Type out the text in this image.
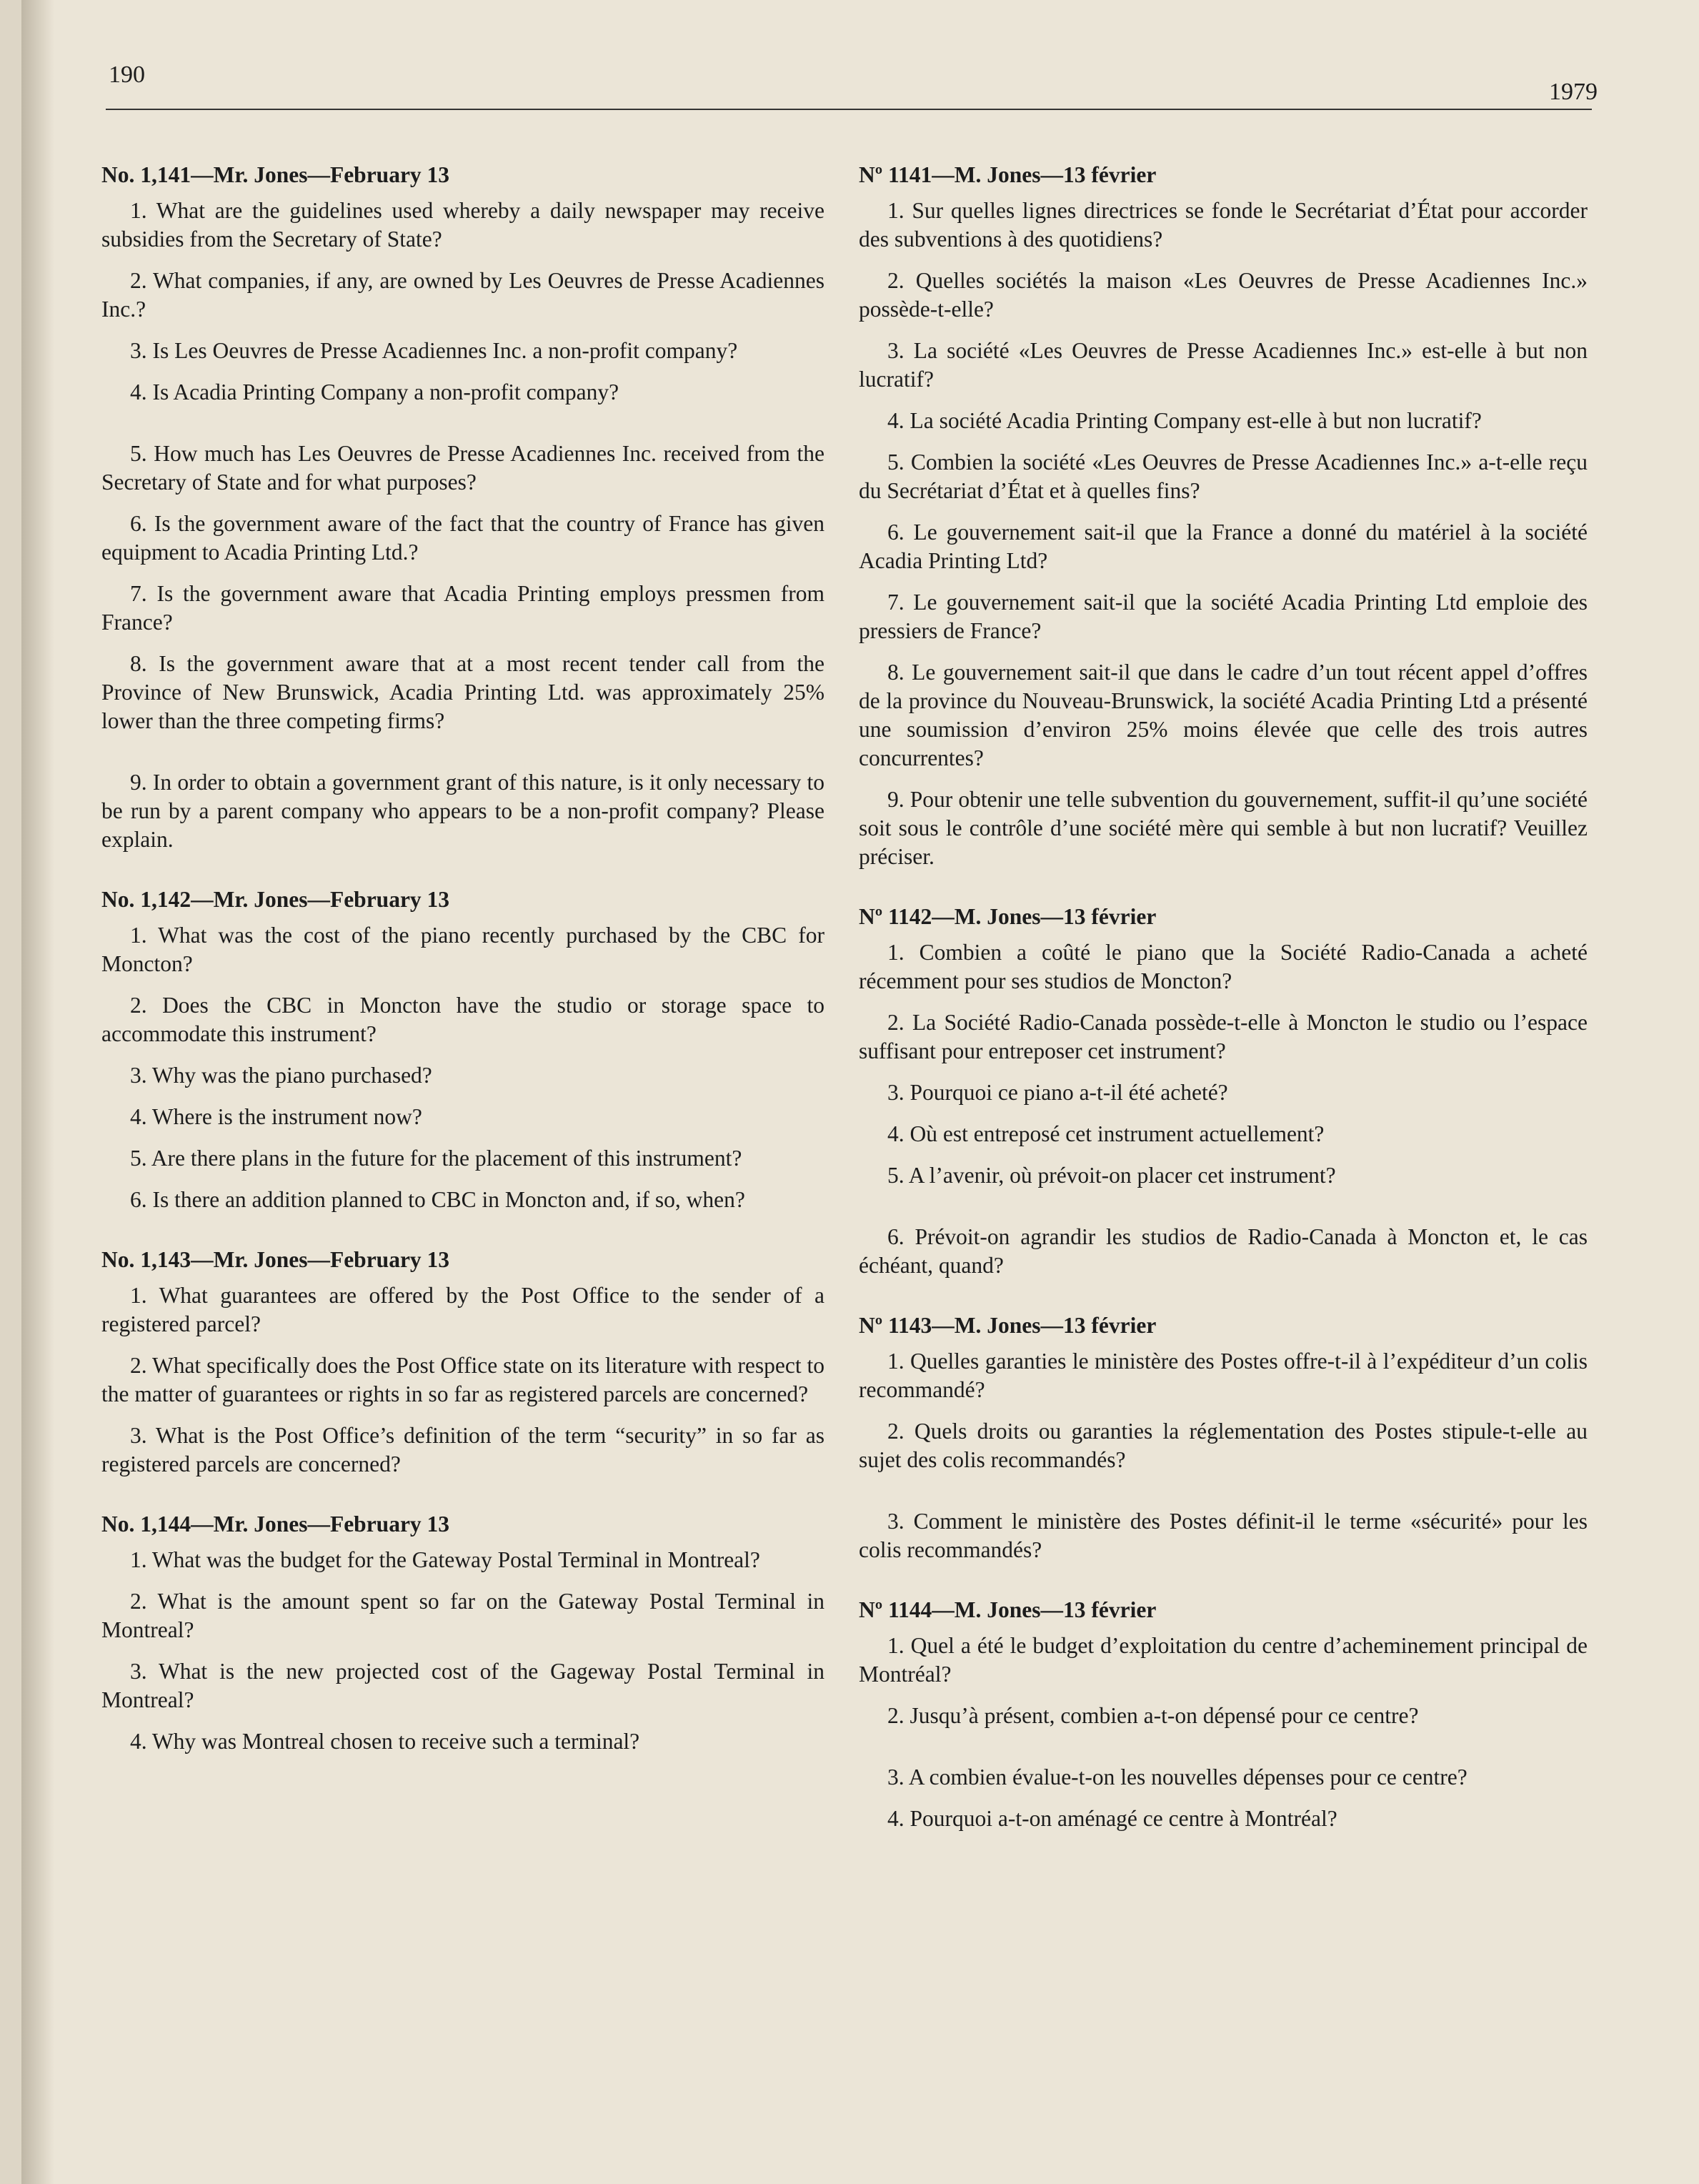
190
1979

No. 1,141—Mr. Jones—February 13

1. What are the guidelines used whereby a daily newspaper may receive subsidies from the Secretary of State?

2. What companies, if any, are owned by Les Oeuvres de Presse Acadiennes Inc.?

3. Is Les Oeuvres de Presse Acadiennes Inc. a non-profit company?

4. Is Acadia Printing Company a non-profit company?

5. How much has Les Oeuvres de Presse Acadiennes Inc. received from the Secretary of State and for what purposes?

6. Is the government aware of the fact that the country of France has given equipment to Acadia Printing Ltd.?

7. Is the government aware that Acadia Printing employs pressmen from France?

8. Is the government aware that at a most recent tender call from the Province of New Brunswick, Acadia Printing Ltd. was approximately 25% lower than the three competing firms?

9. In order to obtain a government grant of this nature, is it only necessary to be run by a parent company who appears to be a non-profit company? Please explain.

No. 1,142—Mr. Jones—February 13

1. What was the cost of the piano recently purchased by the CBC for Moncton?

2. Does the CBC in Moncton have the studio or storage space to accommodate this instrument?

3. Why was the piano purchased?

4. Where is the instrument now?

5. Are there plans in the future for the placement of this instrument?

6. Is there an addition planned to CBC in Moncton and, if so, when?

No. 1,143—Mr. Jones—February 13

1. What guarantees are offered by the Post Office to the sender of a registered parcel?

2. What specifically does the Post Office state on its literature with respect to the matter of guarantees or rights in so far as registered parcels are concerned?

3. What is the Post Office’s definition of the term “security” in so far as registered parcels are concerned?

No. 1,144—Mr. Jones—February 13

1. What was the budget for the Gateway Postal Terminal in Montreal?

2. What is the amount spent so far on the Gateway Postal Terminal in Montreal?

3. What is the new projected cost of the Gageway Postal Terminal in Montreal?

4. Why was Montreal chosen to receive such a terminal?

Nº 1141—M. Jones—13 février

1. Sur quelles lignes directrices se fonde le Secrétariat d’État pour accorder des subventions à des quotidiens?

2. Quelles sociétés la maison «Les Oeuvres de Presse Acadiennes Inc.» possède-t-elle?

3. La société «Les Oeuvres de Presse Acadiennes Inc.» est-elle à but non lucratif?

4. La société Acadia Printing Company est-elle à but non lucratif?

5. Combien la société «Les Oeuvres de Presse Acadiennes Inc.» a-t-elle reçu du Secrétariat d’État et à quelles fins?

6. Le gouvernement sait-il que la France a donné du matériel à la société Acadia Printing Ltd?

7. Le gouvernement sait-il que la société Acadia Printing Ltd emploie des pressiers de France?

8. Le gouvernement sait-il que dans le cadre d’un tout récent appel d’offres de la province du Nouveau-Brunswick, la société Acadia Printing Ltd a présenté une soumission d’environ 25% moins élevée que celle des trois autres concurrentes?

9. Pour obtenir une telle subvention du gouvernement, suffit-il qu’une société soit sous le contrôle d’une société mère qui semble à but non lucratif? Veuillez préciser.

Nº 1142—M. Jones—13 février

1. Combien a coûté le piano que la Société Radio-Canada a acheté récemment pour ses studios de Moncton?

2. La Société Radio-Canada possède-t-elle à Moncton le studio ou l’espace suffisant pour entreposer cet instrument?

3. Pourquoi ce piano a-t-il été acheté?

4. Où est entreposé cet instrument actuellement?

5. A l’avenir, où prévoit-on placer cet instrument?

6. Prévoit-on agrandir les studios de Radio-Canada à Moncton et, le cas échéant, quand?

Nº 1143—M. Jones—13 février

1. Quelles garanties le ministère des Postes offre-t-il à l’expéditeur d’un colis recommandé?

2. Quels droits ou garanties la réglementation des Postes stipule-t-elle au sujet des colis recommandés?

3. Comment le ministère des Postes définit-il le terme «sécurité» pour les colis recommandés?

Nº 1144—M. Jones—13 février

1. Quel a été le budget d’exploitation du centre d’acheminement principal de Montréal?

2. Jusqu’à présent, combien a-t-on dépensé pour ce centre?

3. A combien évalue-t-on les nouvelles dépenses pour ce centre?

4. Pourquoi a-t-on aménagé ce centre à Montréal?
